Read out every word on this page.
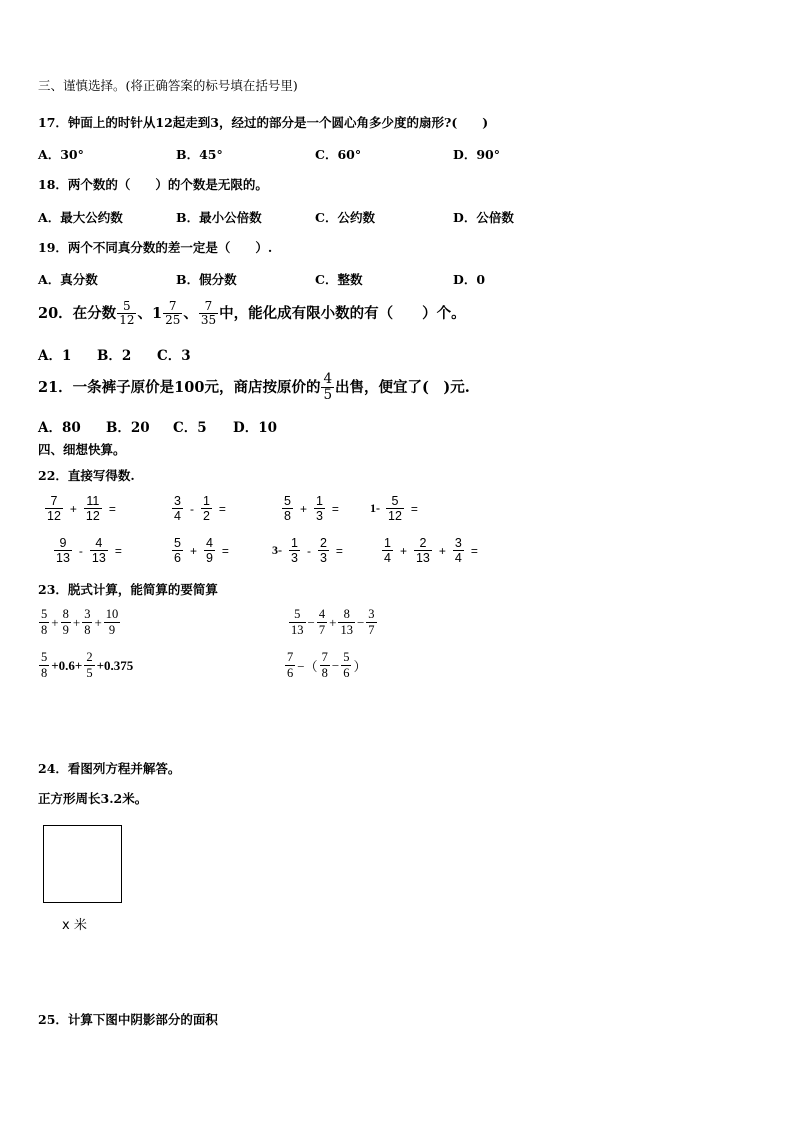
三、谨慎选择。(将正确答案的标号填在括号里)
17．钟面上的时针从12起走到3，经过的部分是一个圆心角多少度的扇形?(　　)
A．30°	B．45°	C．60°	D．90°
18．两个数的（　　）的个数是无限的。
A．最大公约数	B．最小公倍数	C．公约数	D．公倍数
19．两个不同真分数的差一定是（　　）.
A．真分数	B．假分数	C．整数	D．0
20．在分数 $\frac{5}{12}$ 、$1 \frac{7}{25}$ 、 $\frac{7}{35}$ 中，能化成有限小数的有（　　）个。
A．1 B．2 C．3
21．一条裤子原价是100元，商店按原价的 $\frac{4}{5}$ 出售，便宜了(　)元.
A．80 B．20 C．5 D．10
四、细想快算。
22．直接写得数.
$\frac{7}{12} + \frac{11}{12}$ =	$\frac{3}{4} - \frac{1}{2}$ =	$\frac{5}{8} + \frac{1}{3}$ =	$1- \frac{5}{12}$ =
$\frac{9}{13} - \frac{4}{13}$ =	$\frac{5}{6} + \frac{4}{9}$ =	$3- \frac{1}{3} - \frac{2}{3}$ =	$\frac{1}{4} + \frac{2}{13} + \frac{3}{4}$ =
23．脱式计算，能简算的要简算
$\frac{5}{8} + \frac{8}{9} + \frac{3}{8} + \frac{10}{9}$	$\frac{5}{13} - \frac{4}{7} + \frac{8}{13} - \frac{3}{7}$
$\frac{5}{8} +0.6+ \frac{2}{5} +0.375$	$\frac{7}{6}$ −（ $\frac{7}{8} - \frac{5}{6}$ ）
24．看图列方程并解答。
正方形周长3.2米。
x 米
25．计算下图中阴影部分的面积
